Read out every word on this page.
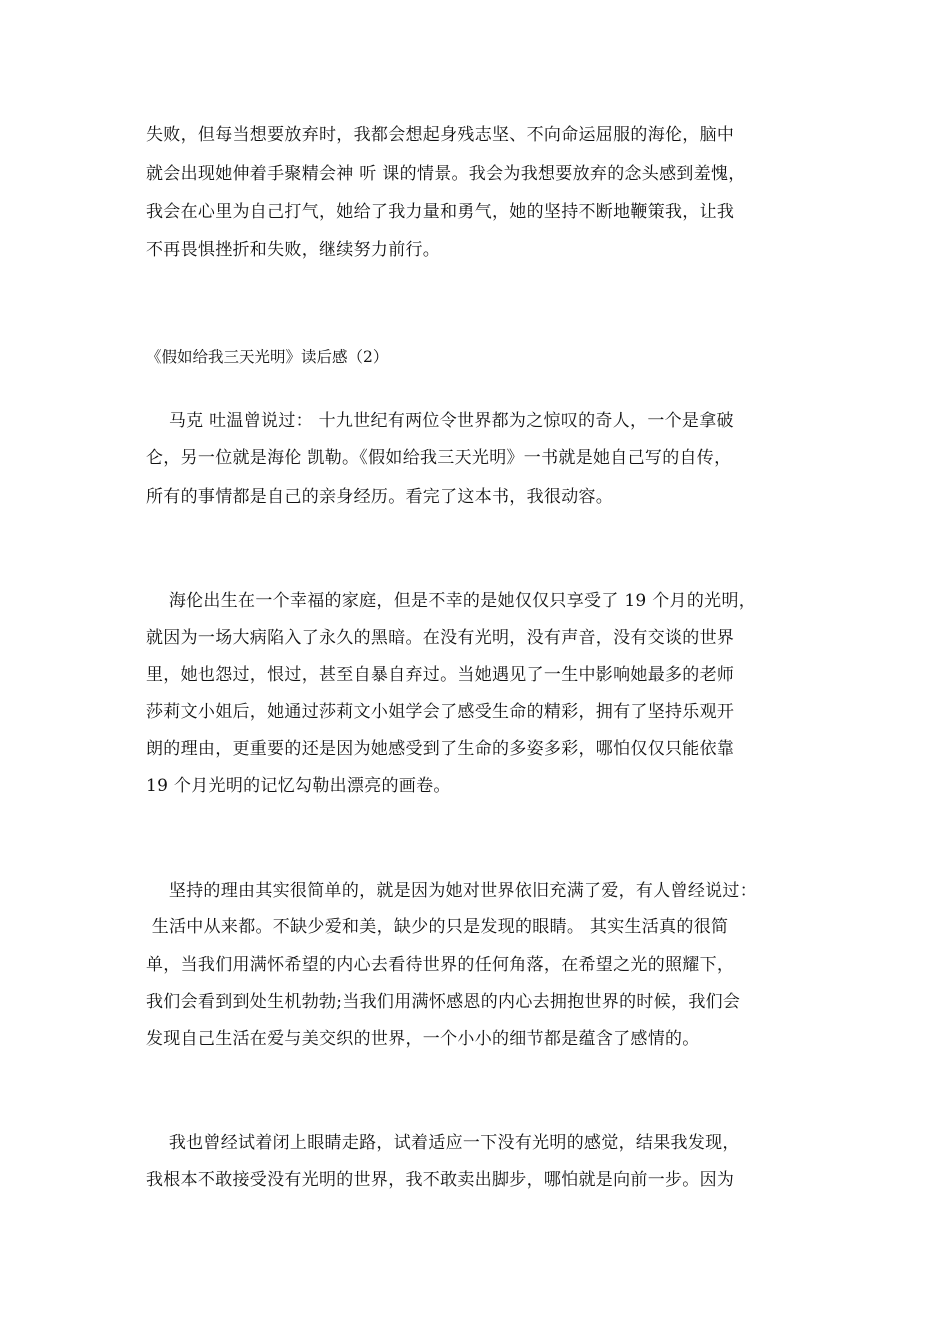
失败，但每当想要放弃时，我都会想起身残志坚、不向命运屈服的海伦，脑中
就会出现她伸着手聚精会神 听 课的情景。我会为我想要放弃的念头感到羞愧，
我会在心里为自己打气，她给了我力量和勇气，她的坚持不断地鞭策我，让我
不再畏惧挫折和失败，继续努力前行。
《假如给我三天光明》读后感（2）
马克 吐温曾说过： 十九世纪有两位令世界都为之惊叹的奇人，一个是拿破
仑，另一位就是海伦 凯勒。《假如给我三天光明》一书就是她自己写的自传，
所有的事情都是自己的亲身经历。看完了这本书，我很动容。
海伦出生在一个幸福的家庭，但是不幸的是她仅仅只享受了 19 个月的光明，
就因为一场大病陷入了永久的黑暗。在没有光明，没有声音，没有交谈的世界
里，她也怨过，恨过，甚至自暴自弃过。当她遇见了一生中影响她最多的老师
莎莉文小姐后，她通过莎莉文小姐学会了感受生命的精彩，拥有了坚持乐观开
朗的理由，更重要的还是因为她感受到了生命的多姿多彩，哪怕仅仅只能依靠
19 个月光明的记忆勾勒出漂亮的画卷。
坚持的理由其实很简单的，就是因为她对世界依旧充满了爱，有人曾经说过：
生活中从来都。不缺少爱和美，缺少的只是发现的眼睛。 其实生活真的很简
单，当我们用满怀希望的内心去看待世界的任何角落，在希望之光的照耀下，
我们会看到到处生机勃勃;当我们用满怀感恩的内心去拥抱世界的时候，我们会
发现自己生活在爱与美交织的世界，一个小小的细节都是蕴含了感情的。
我也曾经试着闭上眼睛走路，试着适应一下没有光明的感觉，结果我发现，
我根本不敢接受没有光明的世界，我不敢卖出脚步，哪怕就是向前一步。因为
